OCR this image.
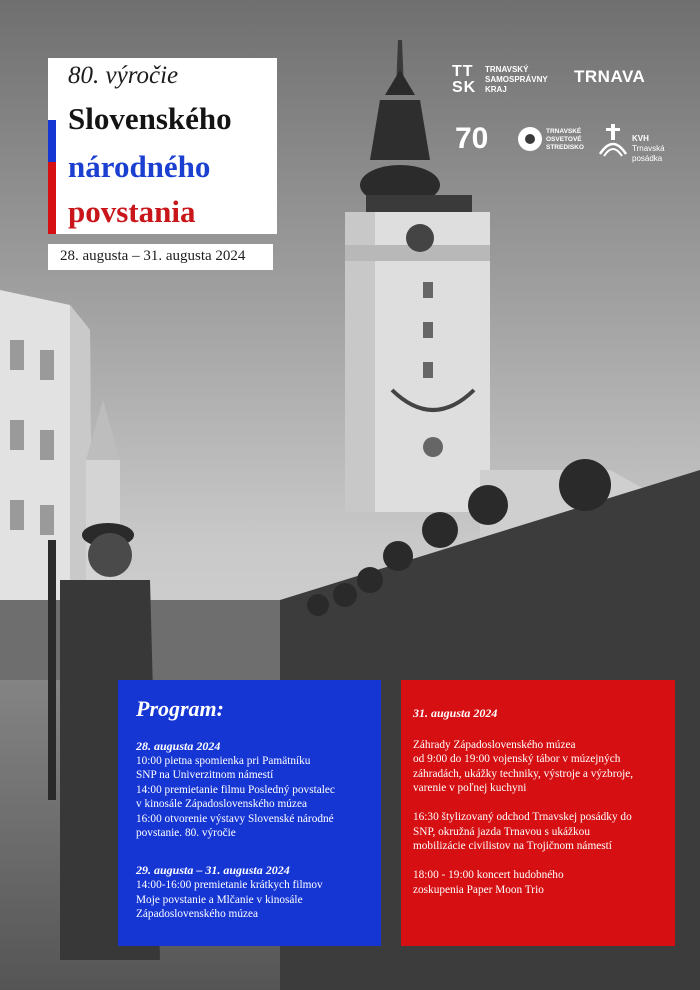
80. výročie
Slovenského
národného
povstania
28. augusta – 31. augusta 2024
TT SK
TRNAVSKÝ SAMOSPRÁVNY KRAJ
TRNAVA
70	TRNAVSKÉ OSVETOVÉ STREDISKO
KVH
Trnavská
posádka
Program:
28. augusta 2024
10:00 pietna spomienka pri Pamätníku
SNP na Univerzitnom námestí
14:00 premietanie filmu Posledný povstalec
v kinosále Západoslovenského múzea
16:00 otvorenie výstavy Slovenské národné
povstanie. 80. výročie
29. augusta – 31. augusta 2024
14:00-16:00 premietanie krátkych filmov
Moje povstanie a Mlčanie v kinosále
Západoslovenského múzea
31. augusta 2024
Záhrady Západoslovenského múzea
od 9:00 do 19:00 vojenský tábor v múzejných
záhradách, ukážky techniky, výstroje a výzbroje,
varenie v poľnej kuchyni
16:30 štylizovaný odchod Trnavskej posádky do
SNP, okružná jazda Trnavou s ukážkou
mobilizácie civilistov na Trojičnom námestí
18:00 - 19:00 koncert hudobného
zoskupenia Paper Moon Trio
